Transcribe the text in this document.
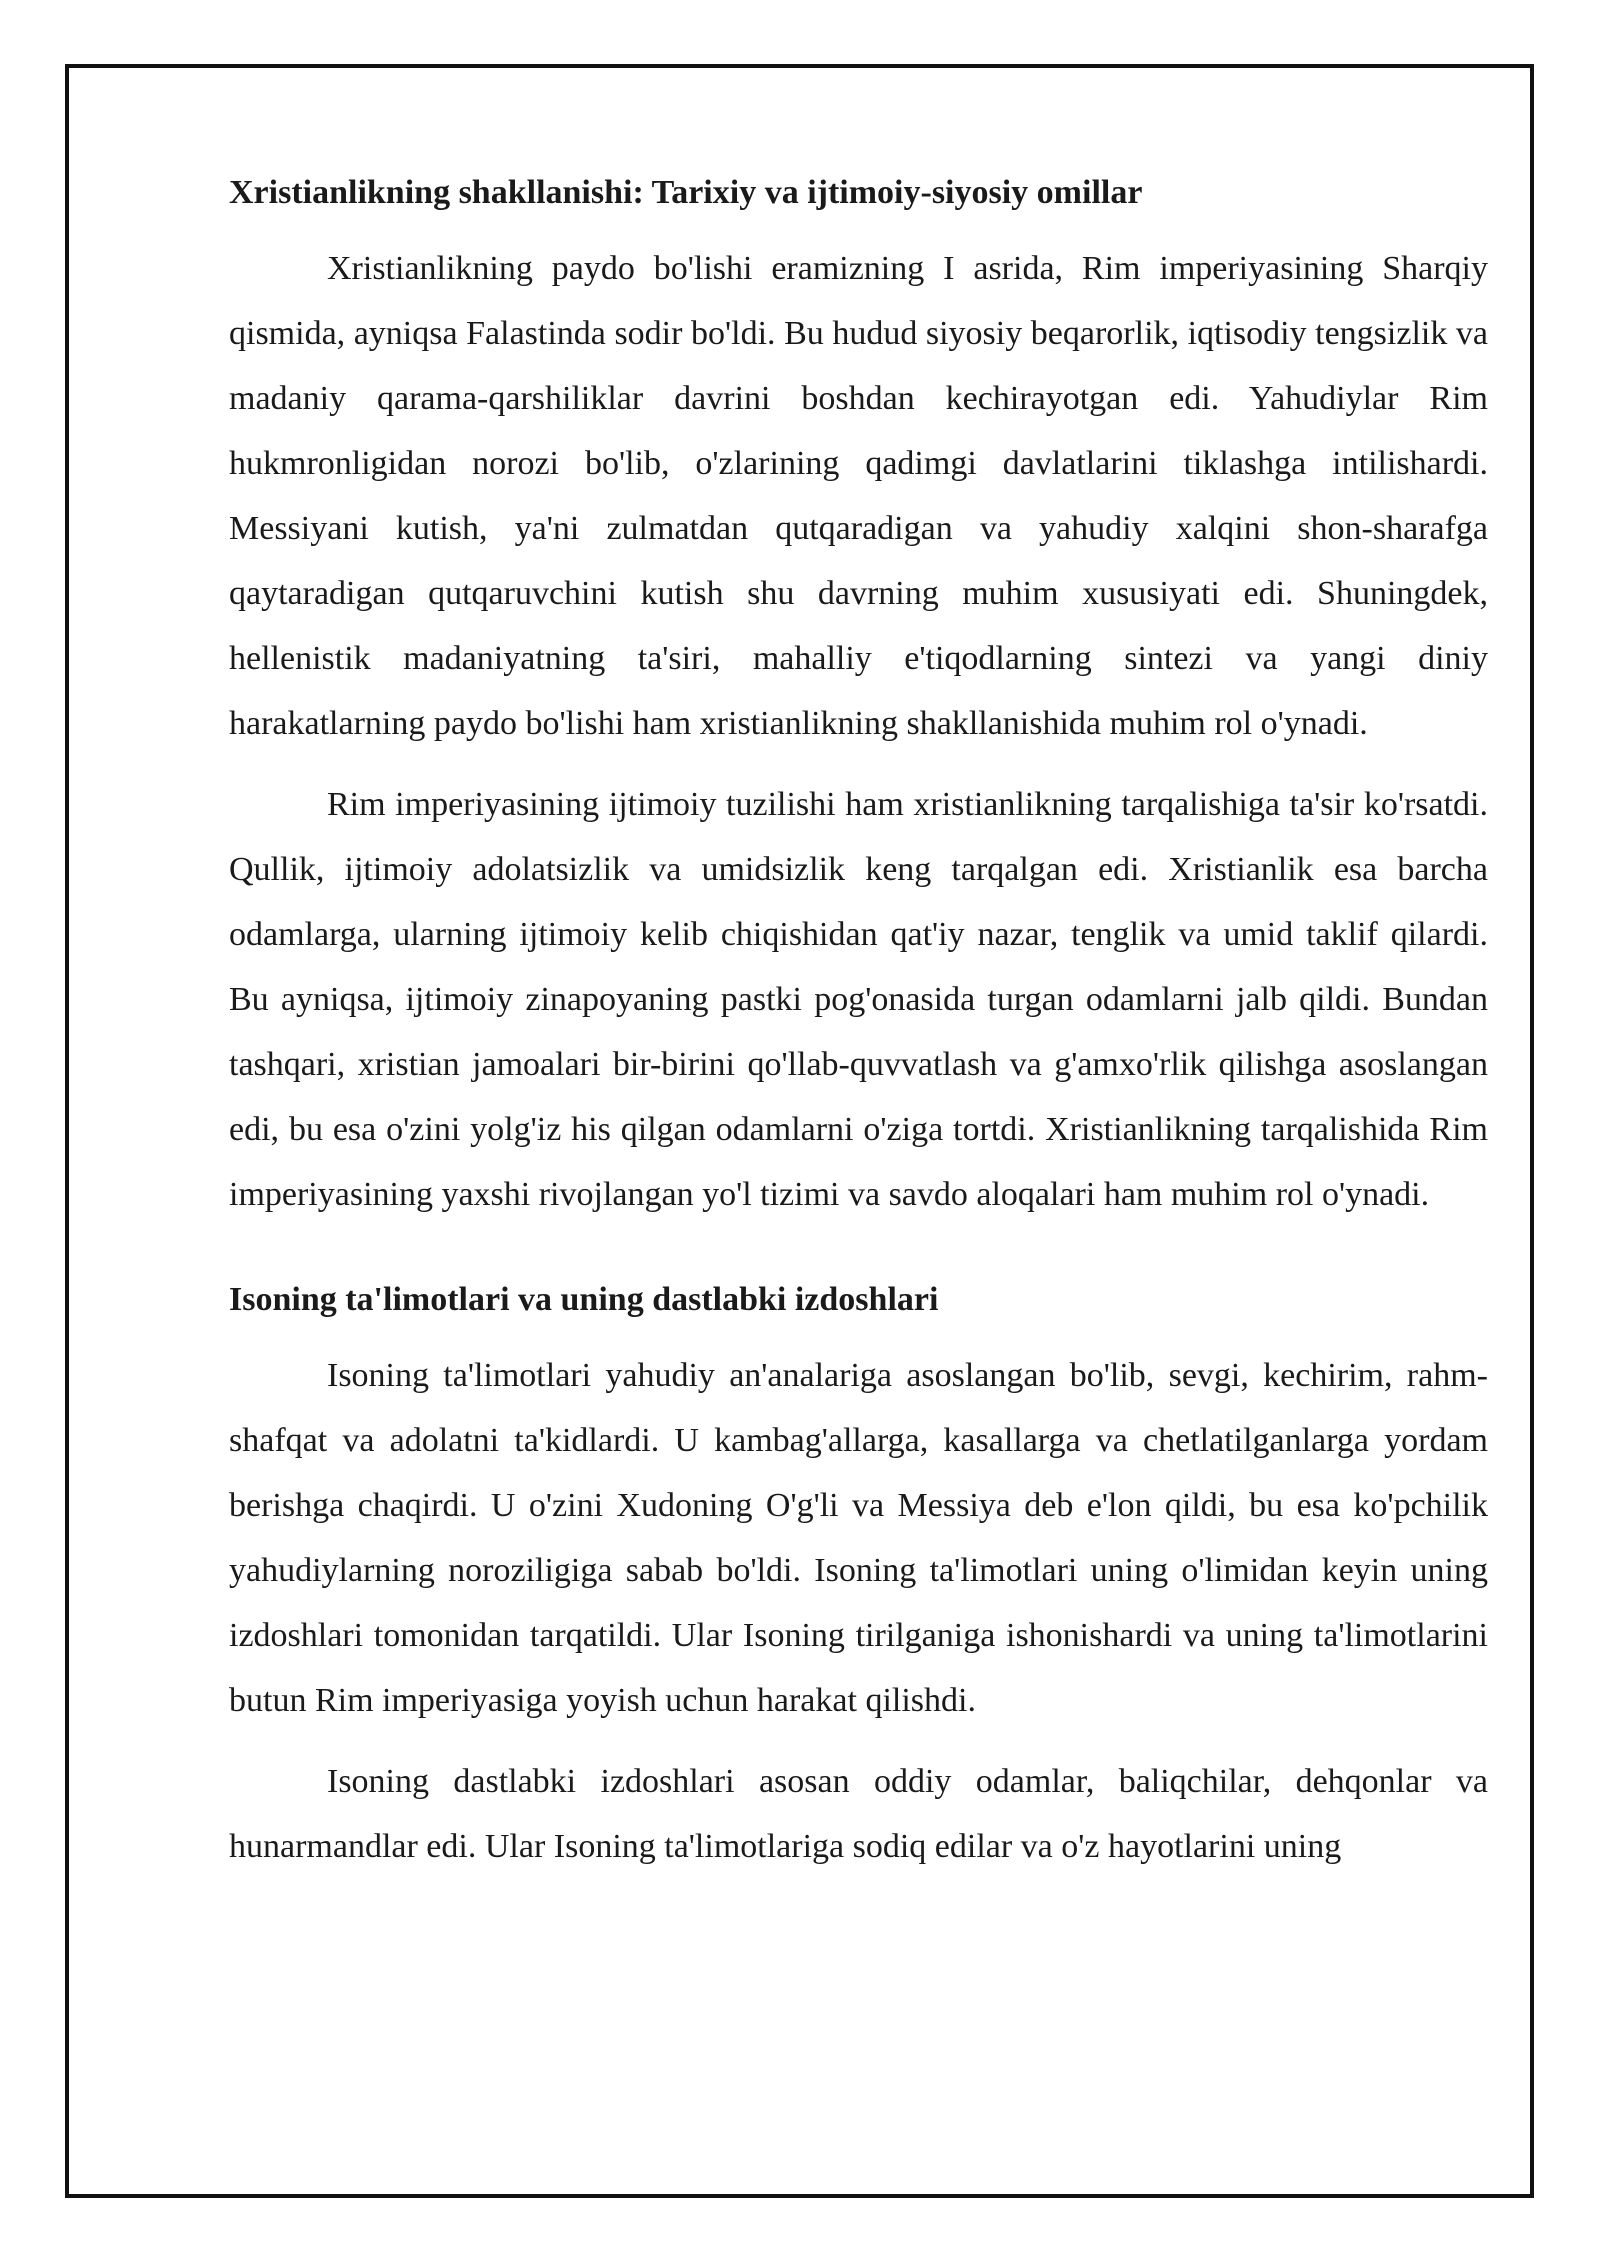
Xristianlikning shakllanishi: Tarixiy va ijtimoiy-siyosiy omillar

Xristianlikning paydo bo'lishi eramizning I asrida, Rim imperiyasining Sharqiy qismida, ayniqsa Falastinda sodir bo'ldi. Bu hudud siyosiy beqarorlik, iqtisodiy tengsizlik va madaniy qarama-qarshiliklar davrini boshdan kechirayotgan edi. Yahudiylar Rim hukmronligidan norozi bo'lib, o'zlarining qadimgi davlatlarini tiklashga intilishardi. Messiyani kutish, ya'ni zulmatdan qutqaradigan va yahudiy xalqini shon-sharafga qaytaradigan qutqaruvchini kutish shu davrning muhim xususiyati edi. Shuningdek, hellenistik madaniyatning ta'siri, mahalliy e'tiqodlarning sintezi va yangi diniy harakatlarning paydo bo'lishi ham xristianlikning shakllanishida muhim rol o'ynadi.

Rim imperiyasining ijtimoiy tuzilishi ham xristianlikning tarqalishiga ta'sir ko'rsatdi. Qullik, ijtimoiy adolatsizlik va umidsizlik keng tarqalgan edi. Xristianlik esa barcha odamlarga, ularning ijtimoiy kelib chiqishidan qat'iy nazar, tenglik va umid taklif qilardi. Bu ayniqsa, ijtimoiy zinapoyaning pastki pog'onasida turgan odamlarni jalb qildi. Bundan tashqari, xristian jamoalari bir-birini qo'llab-quvvatlash va g'amxo'rlik qilishga asoslangan edi, bu esa o'zini yolg'iz his qilgan odamlarni o'ziga tortdi. Xristianlikning tarqalishida Rim imperiyasining yaxshi rivojlangan yo'l tizimi va savdo aloqalari ham muhim rol o'ynadi.

Isoning ta'limotlari va uning dastlabki izdoshlari

Isoning ta'limotlari yahudiy an'analariga asoslangan bo'lib, sevgi, kechirim, rahm-shafqat va adolatni ta'kidlardi. U kambag'allarga, kasallarga va chetlatilganlarga yordam berishga chaqirdi. U o'zini Xudoning O'g'li va Messiya deb e'lon qildi, bu esa ko'pchilik yahudiylarning noroziligiga sabab bo'ldi. Isoning ta'limotlari uning o'limidan keyin uning izdoshlari tomonidan tarqatildi. Ular Isoning tirilganiga ishonishardi va uning ta'limotlarini butun Rim imperiyasiga yoyish uchun harakat qilishdi.

Isoning dastlabki izdoshlari asosan oddiy odamlar, baliqchilar, dehqonlar va hunarmandlar edi. Ular Isoning ta'limotlariga sodiq edilar va o'z hayotlarini uning
